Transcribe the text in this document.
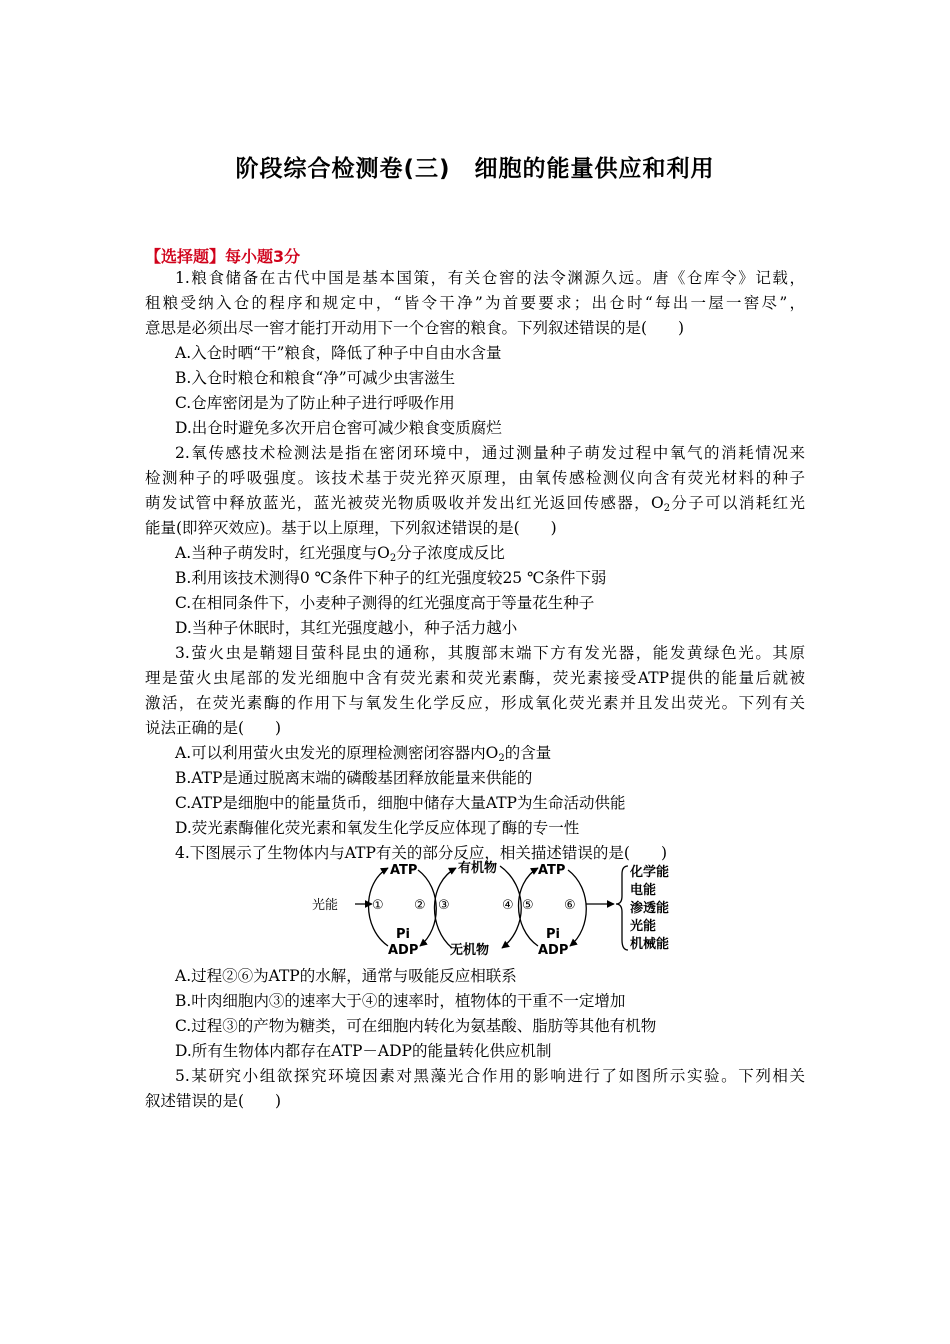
阶段综合检测卷(三)　细胞的能量供应和利用
【选择题】每小题3分
1.粮食储备在古代中国是基本国策，有关仓窖的法令渊源久远。唐《仓库令》记载，
租粮受纳入仓的程序和规定中，“皆令干净”为首要要求；出仓时“每出一屋一窖尽”，
意思是必须出尽一窖才能打开动用下一个仓窖的粮食。下列叙述错误的是(　　)
A.入仓时晒“干”粮食，降低了种子中自由水含量
B.入仓时粮仓和粮食“净”可减少虫害滋生
C.仓库密闭是为了防止种子进行呼吸作用
D.出仓时避免多次开启仓窖可减少粮食变质腐烂
2.氧传感技术检测法是指在密闭环境中，通过测量种子萌发过程中氧气的消耗情况来
检测种子的呼吸强度。该技术基于荧光猝灭原理，由氧传感检测仪向含有荧光材料的种子
萌发试管中释放蓝光，蓝光被荧光物质吸收并发出红光返回传感器，$O_2$分子可以消耗红光
能量(即猝灭效应)。基于以上原理，下列叙述错误的是(　　)
A.当种子萌发时，红光强度与$O_2$分子浓度成反比
B.利用该技术测得0 ℃条件下种子的红光强度较25 ℃条件下弱
C.在相同条件下，小麦种子测得的红光强度高于等量花生种子
D.当种子休眠时，其红光强度越小，种子活力越小
3.萤火虫是鞘翅目萤科昆虫的通称，其腹部末端下方有发光器，能发黄绿色光。其原
理是萤火虫尾部的发光细胞中含有荧光素和荧光素酶，荧光素接受ATP提供的能量后就被
激活，在荧光素酶的作用下与氧发生化学反应，形成氧化荧光素并且发出荧光。下列有关
说法正确的是(　　)
A.可以利用萤火虫发光的原理检测密闭容器内$O_2$的含量
B.ATP是通过脱离末端的磷酸基团释放能量来供能的
C.ATP是细胞中的能量货币，细胞中储存大量ATP为生命活动供能
D.荧光素酶催化荧光素和氧发生化学反应体现了酶的专一性
4.下图展示了生物体内与ATP有关的部分反应，相关描述错误的是(　　)
光能
ATP
Pi
ADP
① ② ③
有机物
无机物
④ ⑤ ⑥
ATP
Pi
ADP
化学能
电能
渗透能
光能
机械能
A.过程②⑥为ATP的水解，通常与吸能反应相联系
B.叶肉细胞内③的速率大于④的速率时，植物体的干重不一定增加
C.过程③的产物为糖类，可在细胞内转化为氨基酸、脂肪等其他有机物
D.所有生物体内都存在ATP－ADP的能量转化供应机制
5.某研究小组欲探究环境因素对黑藻光合作用的影响进行了如图所示实验。下列相关
叙述错误的是(　　)
